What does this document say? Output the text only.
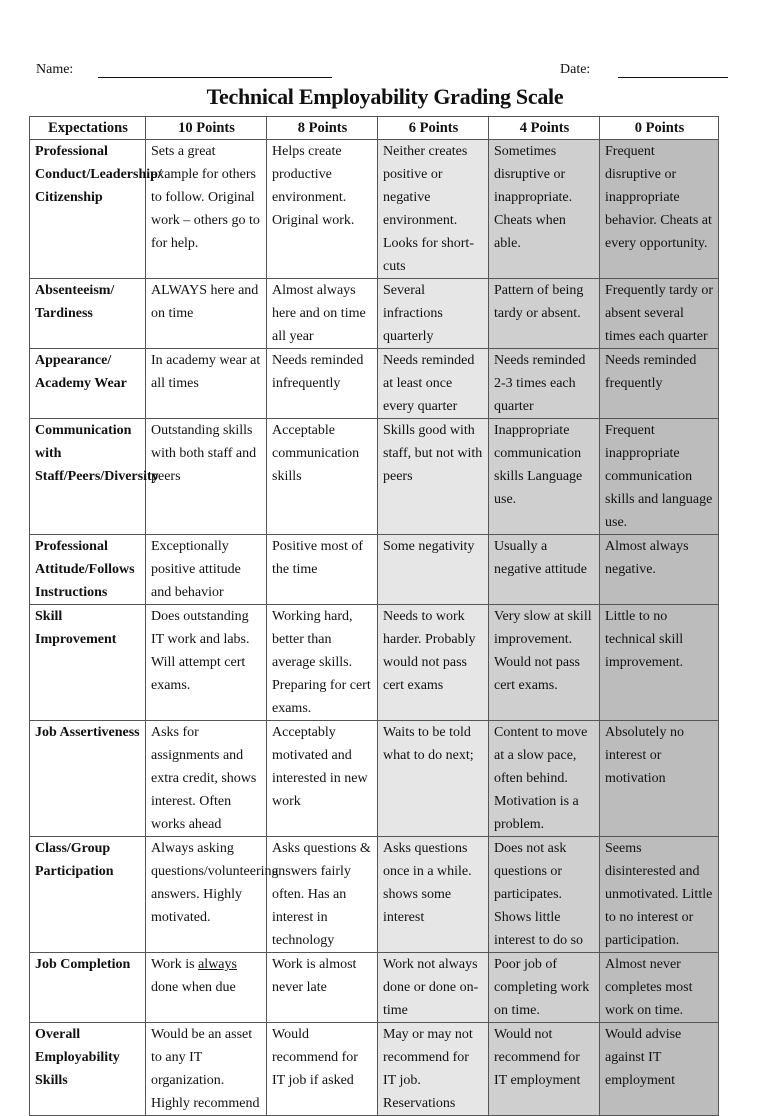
Name:	Date:
Technical Employability Grading Scale
Expectations	10 Points	8 Points	6 Points	4 Points	0 Points
Professional Conduct/Leadership/ Citizenship	Sets a great example for others to follow. Original work – others go to for help.	Helps create productive environment. Original work.	Neither creates positive or negative environment. Looks for short-cuts	Sometimes disruptive or inappropriate. Cheats when able.	Frequent disruptive or inappropriate behavior. Cheats at every opportunity.
Absenteeism/ Tardiness	ALWAYS here and on time	Almost always here and on time all year	Several infractions quarterly	Pattern of being tardy or absent.	Frequently tardy or absent several times each quarter
Appearance/ Academy Wear	In academy wear at all times	Needs reminded infrequently	Needs reminded at least once every quarter	Needs reminded 2-3 times each quarter	Needs reminded frequently
Communication with Staff/Peers/Diversity	Outstanding skills with both staff and peers	Acceptable communication skills	Skills good with staff, but not with peers	Inappropriate communication skills Language use.	Frequent inappropriate communication skills and language use.
Professional Attitude/Follows Instructions	Exceptionally positive attitude and behavior	Positive most of the time	Some negativity	Usually a negative attitude	Almost always negative.
Skill Improvement	Does outstanding IT work and labs. Will attempt cert exams.	Working hard, better than average skills. Preparing for cert exams.	Needs to work harder. Probably would not pass cert exams	Very slow at skill improvement. Would not pass cert exams.	Little to no technical skill improvement.
Job Assertiveness	Asks for assignments and extra credit, shows interest. Often works ahead	Acceptably motivated and interested in new work	Waits to be told what to do next;	Content to move at a slow pace, often behind. Motivation is a problem.	Absolutely no interest or motivation
Class/Group Participation	Always asking questions/volunteering answers. Highly motivated.	Asks questions & answers fairly often. Has an interest in technology	Asks questions once in a while. shows some interest	Does not ask questions or participates. Shows little interest to do so	Seems disinterested and unmotivated. Little to no interest or participation.
Job Completion	Work is always done when due	Work is almost never late	Work not always done or done on-time	Poor job of completing work on time.	Almost never completes most work on time.
Overall Employability Skills	Would be an asset to any IT organization. Highly recommend	Would recommend for IT job if asked	May or may not recommend for IT job. Reservations	Would not recommend for IT employment	Would advise against IT employment
